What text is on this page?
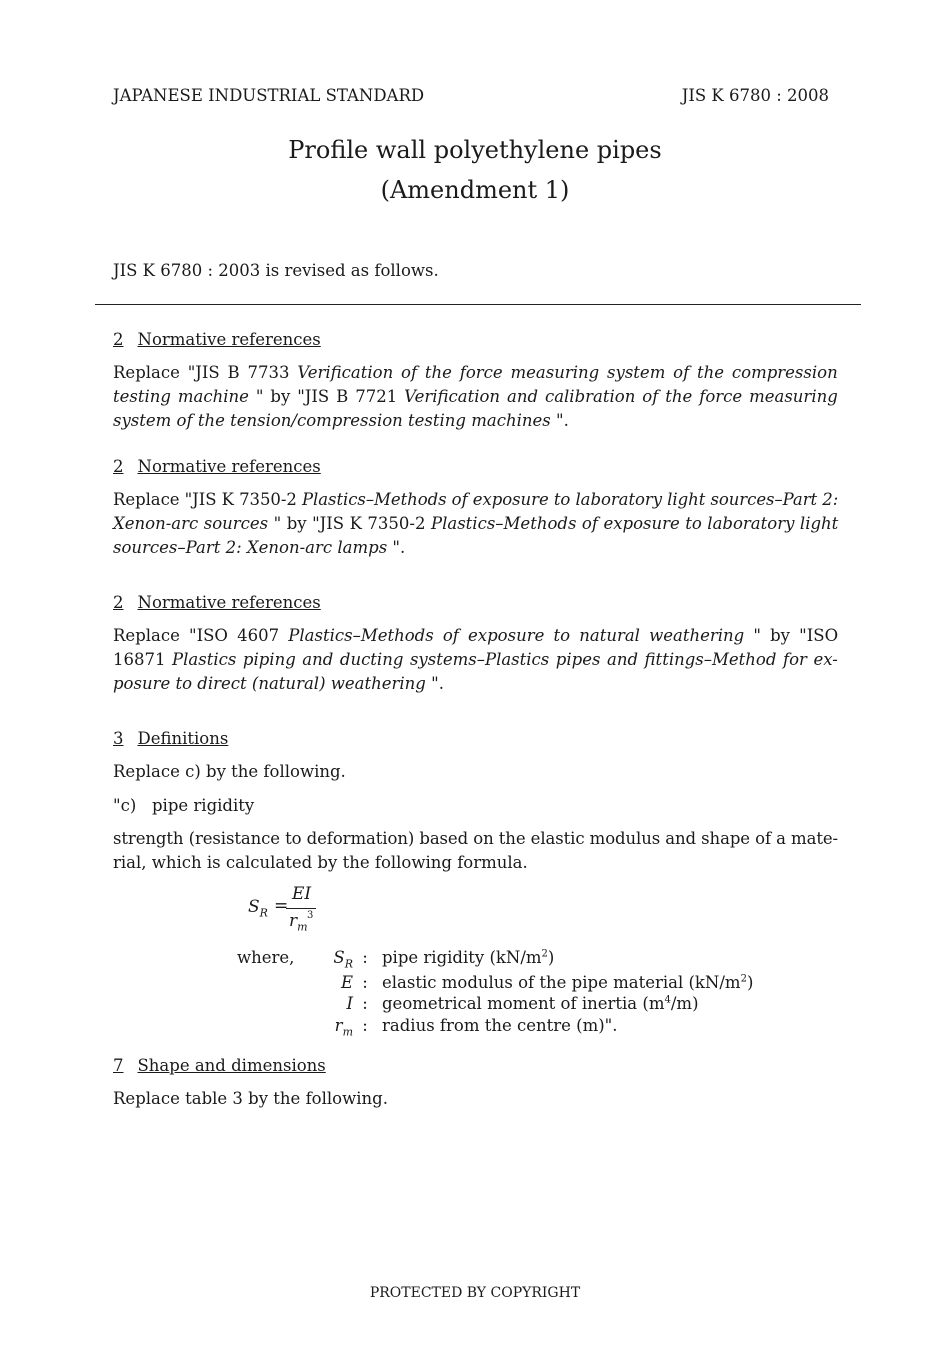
JAPANESE INDUSTRIAL STANDARD	JIS K 6780 : 2008
Profile wall polyethylene pipes
(Amendment 1)
JIS K 6780 : 2003 is revised as follows.
2 Normative references
Replace "JIS B 7733 Verification of the force measuring system of the compression
testing machine " by "JIS B 7721 Verification and calibration of the force measuring
system of the tension/compression testing machines ".
2 Normative references
Replace "JIS K 7350-2 Plastics–Methods of exposure to laboratory light sources–Part 2:
Xenon-arc sources " by "JIS K 7350-2 Plastics–Methods of exposure to laboratory light
sources–Part 2: Xenon-arc lamps ".
2 Normative references
Replace "ISO 4607 Plastics–Methods of exposure to natural weathering " by "ISO
16871 Plastics piping and ducting systems–Plastics pipes and fittings–Method for ex-
posure to direct (natural) weathering ".
3 Definitions
Replace c) by the following.
"c) pipe rigidity
strength (resistance to deformation) based on the elastic modulus and shape of a mate-
rial, which is calculated by the following formula.
$S_R$ =
EI
$r_m$
3
where,	$S_R$ : pipe rigidity $(kN/m^2)$
E : elastic modulus of the pipe material $(kN/m^2)$
I : geometrical moment of inertia $(m^4/m)$
$r_m$ : radius from the centre (m)".
7 Shape and dimensions
Replace table 3 by the following.
PROTECTED BY COPYRIGHT
